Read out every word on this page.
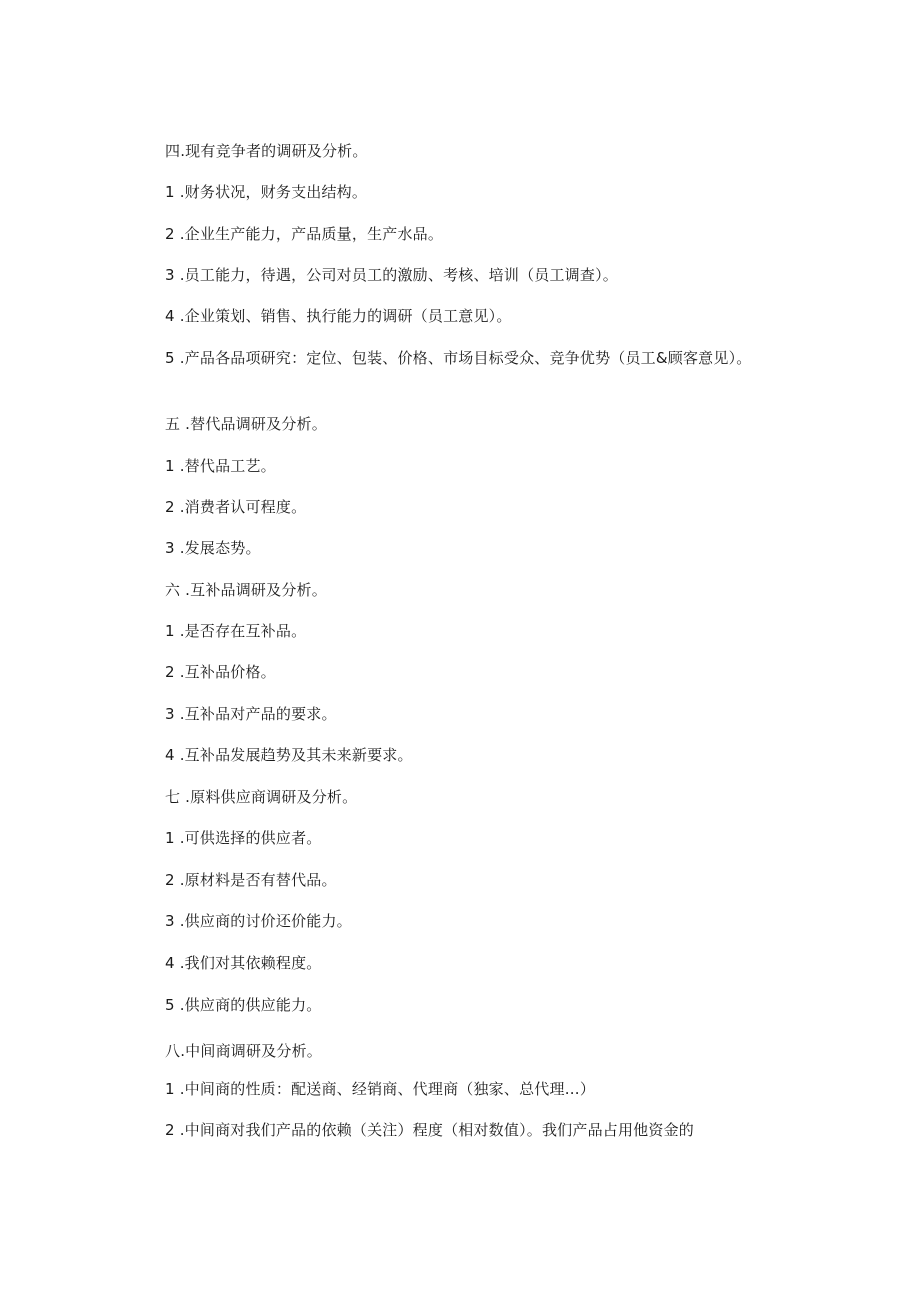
四.现有竞争者的调研及分析。
1 .财务状况，财务支出结构。
2 .企业生产能力，产品质量，生产水品。
3 .员工能力，待遇，公司对员工的激励、考核、培训（员工调查）。
4 .企业策划、销售、执行能力的调研（员工意见）。
5 .产品各品项研究：定位、包装、价格、市场目标受众、竞争优势（员工&顾客意见）。
五 .替代品调研及分析。
1 .替代品工艺。
2 .消费者认可程度。
3 .发展态势。
六 .互补品调研及分析。
1 .是否存在互补品。
2 .互补品价格。
3 .互补品对产品的要求。
4 .互补品发展趋势及其未来新要求。
七 .原料供应商调研及分析。
1 .可供选择的供应者。
2 .原材料是否有替代品。
3 .供应商的讨价还价能力。
4 .我们对其依赖程度。
5 .供应商的供应能力。
八.中间商调研及分析。
1 .中间商的性质：配送商、经销商、代理商（独家、总代理…）
2 .中间商对我们产品的依赖（关注）程度（相对数值）。我们产品占用他资金的
